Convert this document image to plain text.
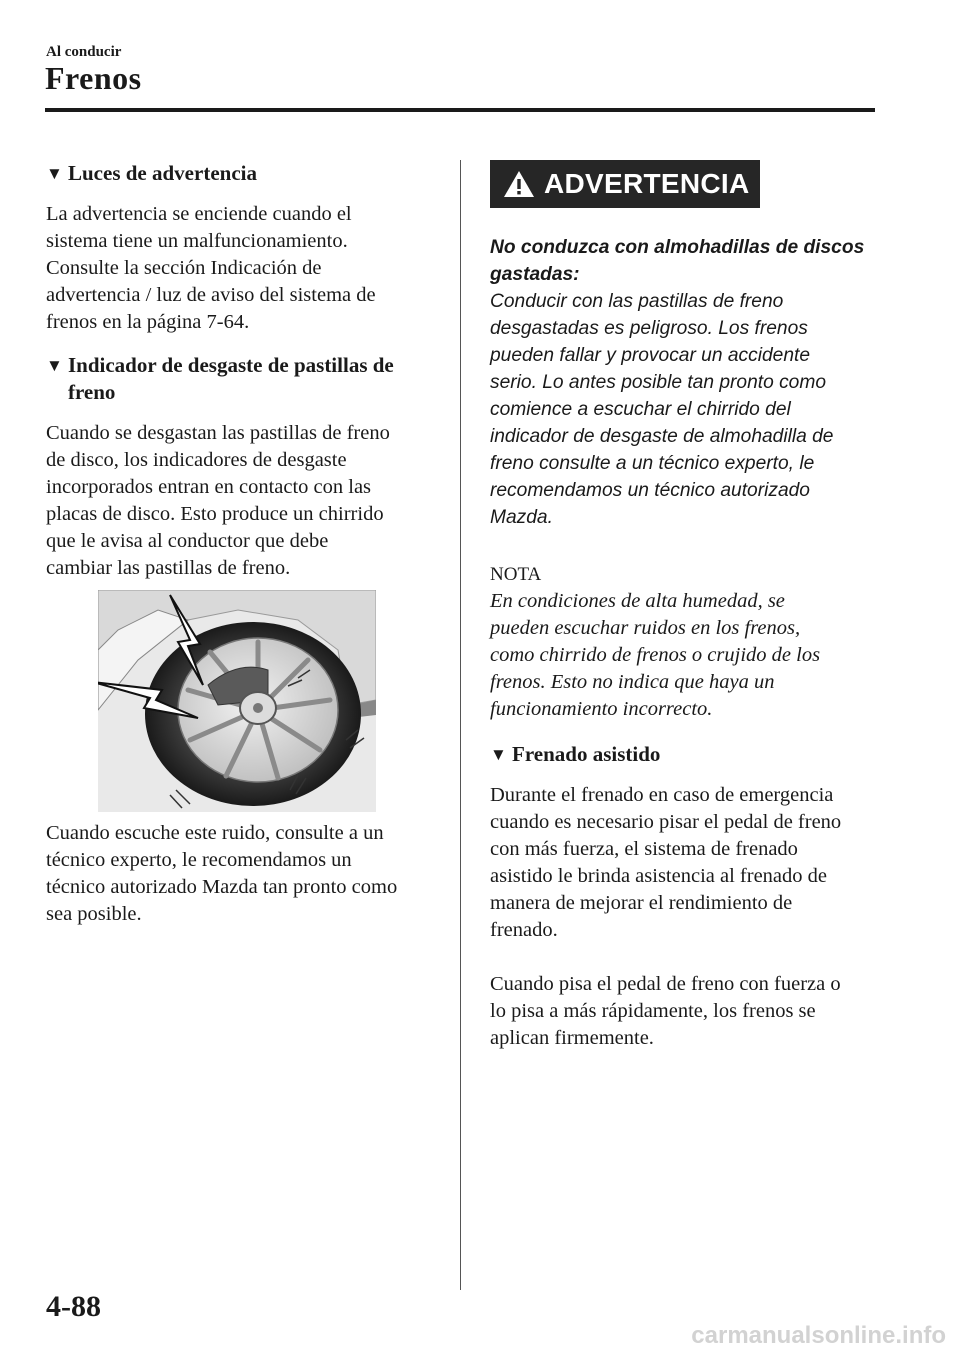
Al conducir
Frenos
▼ Luces de advertencia

La advertencia se enciende cuando el
sistema tiene un malfuncionamiento.
Consulte la sección Indicación de
advertencia / luz de aviso del sistema de
frenos en la página 7-64.

▼ Indicador de desgaste de pastillas de
freno

Cuando se desgastan las pastillas de freno
de disco, los indicadores de desgaste
incorporados entran en contacto con las
placas de disco. Esto produce un chirrido
que le avisa al conductor que debe
cambiar las pastillas de freno.

Cuando escuche este ruido, consulte a un
técnico experto, le recomendamos un
técnico autorizado Mazda tan pronto como
sea posible.

ADVERTENCIA

No conduzca con almohadillas de discos
gastadas:
Conducir con las pastillas de freno
desgastadas es peligroso. Los frenos
pueden fallar y provocar un accidente
serio. Lo antes posible tan pronto como
comience a escuchar el chirrido del
indicador de desgaste de almohadilla de
freno consulte a un técnico experto, le
recomendamos un técnico autorizado
Mazda.

NOTA

En condiciones de alta humedad, se
pueden escuchar ruidos en los frenos,
como chirrido de frenos o crujido de los
frenos. Esto no indica que haya un
funcionamiento incorrecto.

▼ Frenado asistido

Durante el frenado en caso de emergencia
cuando es necesario pisar el pedal de freno
con más fuerza, el sistema de frenado
asistido le brinda asistencia al frenado de
manera de mejorar el rendimiento de
frenado.

Cuando pisa el pedal de freno con fuerza o
lo pisa a más rápidamente, los frenos se
aplican firmemente.

4-88
carmanualsonline.info
